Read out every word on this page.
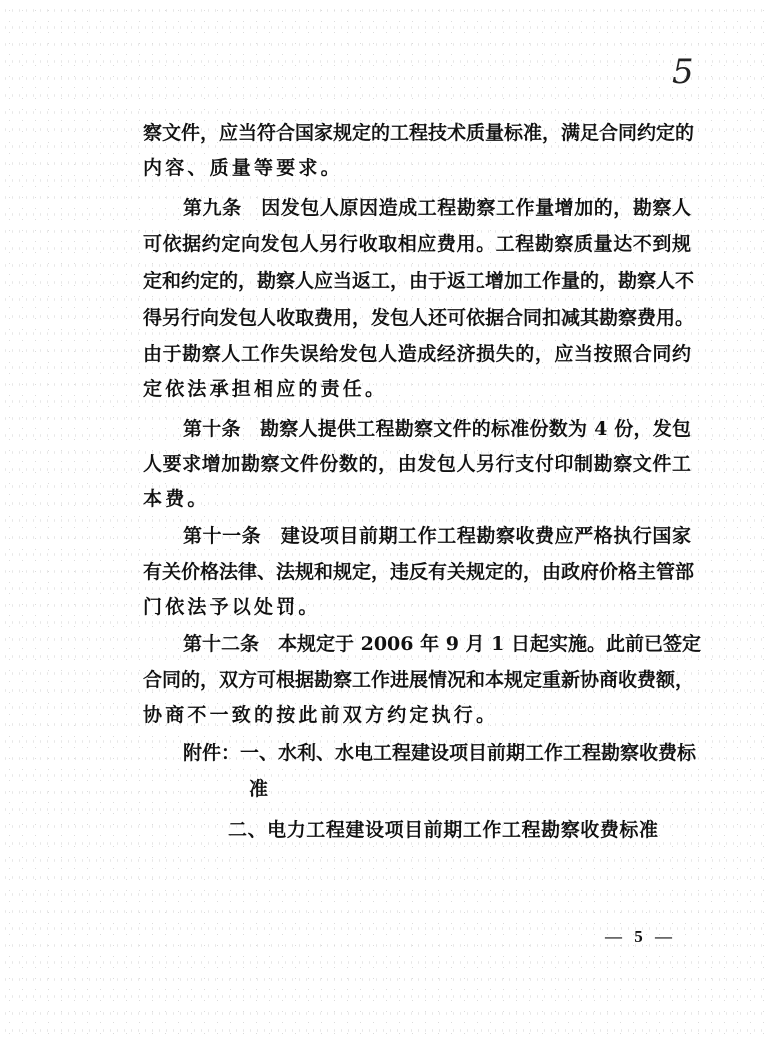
5
察文件，应当符合国家规定的工程技术质量标准，满足合同约定的
内容、质量等要求。
第九条　因发包人原因造成工程勘察工作量增加的，勘察人
可依据约定向发包人另行收取相应费用。工程勘察质量达不到规
定和约定的，勘察人应当返工，由于返工增加工作量的，勘察人不
得另行向发包人收取费用，发包人还可依据合同扣减其勘察费用。
由于勘察人工作失误给发包人造成经济损失的，应当按照合同约
定依法承担相应的责任。
第十条　勘察人提供工程勘察文件的标准份数为 4 份，发包
人要求增加勘察文件份数的，由发包人另行支付印制勘察文件工
本费。
第十一条　建设项目前期工作工程勘察收费应严格执行国家
有关价格法律、法规和规定，违反有关规定的，由政府价格主管部
门依法予以处罚。
第十二条　本规定于 2006 年 9 月 1 日起实施。此前已签定
合同的，双方可根据勘察工作进展情况和本规定重新协商收费额，
协商不一致的按此前双方约定执行。
附件：一、水利、水电工程建设项目前期工作工程勘察收费标
准
二、电力工程建设项目前期工作工程勘察收费标准
— 5 —
